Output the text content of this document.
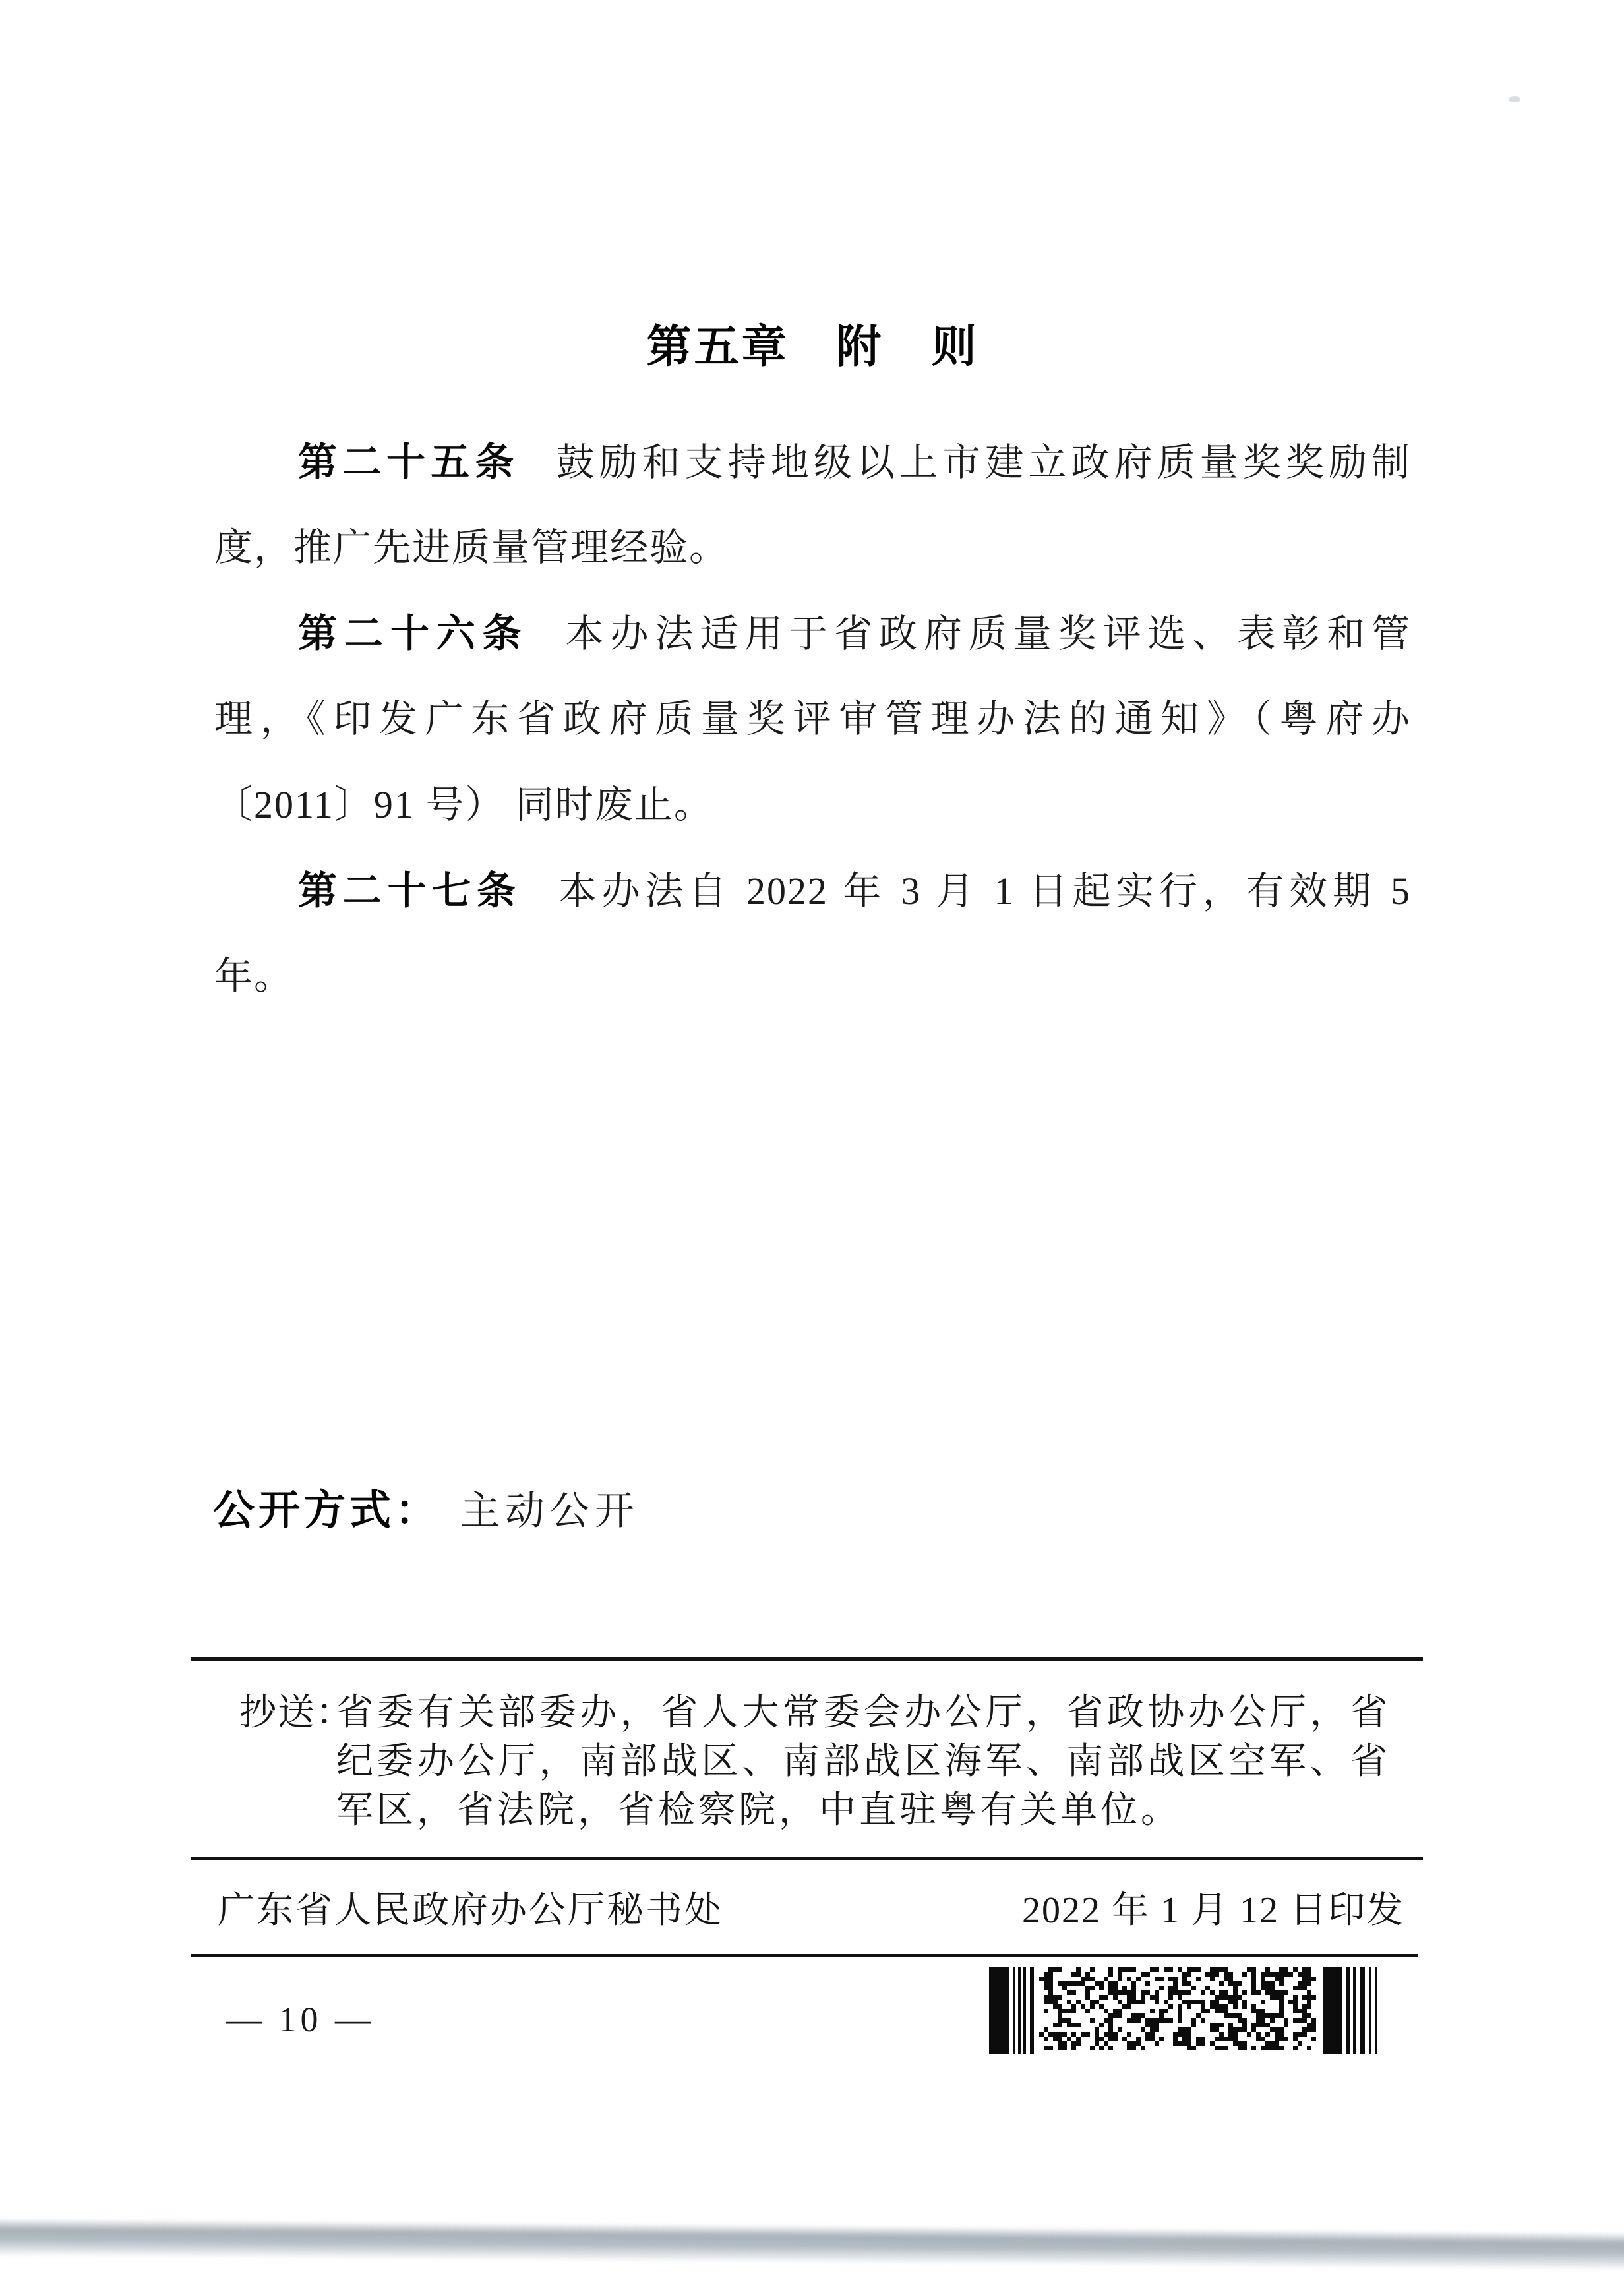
第五章　附　则
第二十五条 鼓励和支持地级以上市建立政府质量奖奖励制
度，推广先进质量管理经验。
第二十六条 本办法适用于省政府质量奖评选、表彰和管
理，《印发广东省政府质量奖评审管理办法的通知》（粤府办
〔2011〕91 号） 同时废止。
第二十七条 本办法自 2022 年 3 月 1 日起实行，有效期 5
年。
公开方式： 主动公开
抄送：
省委有关部委办，省人大常委会办公厅，省政协办公厅，省
纪委办公厅，南部战区、南部战区海军、南部战区空军、省
军区，省法院，省检察院，中直驻粤有关单位。
广东省人民政府办公厅秘书处	2022 年 1 月 12 日印发
— 10 —
